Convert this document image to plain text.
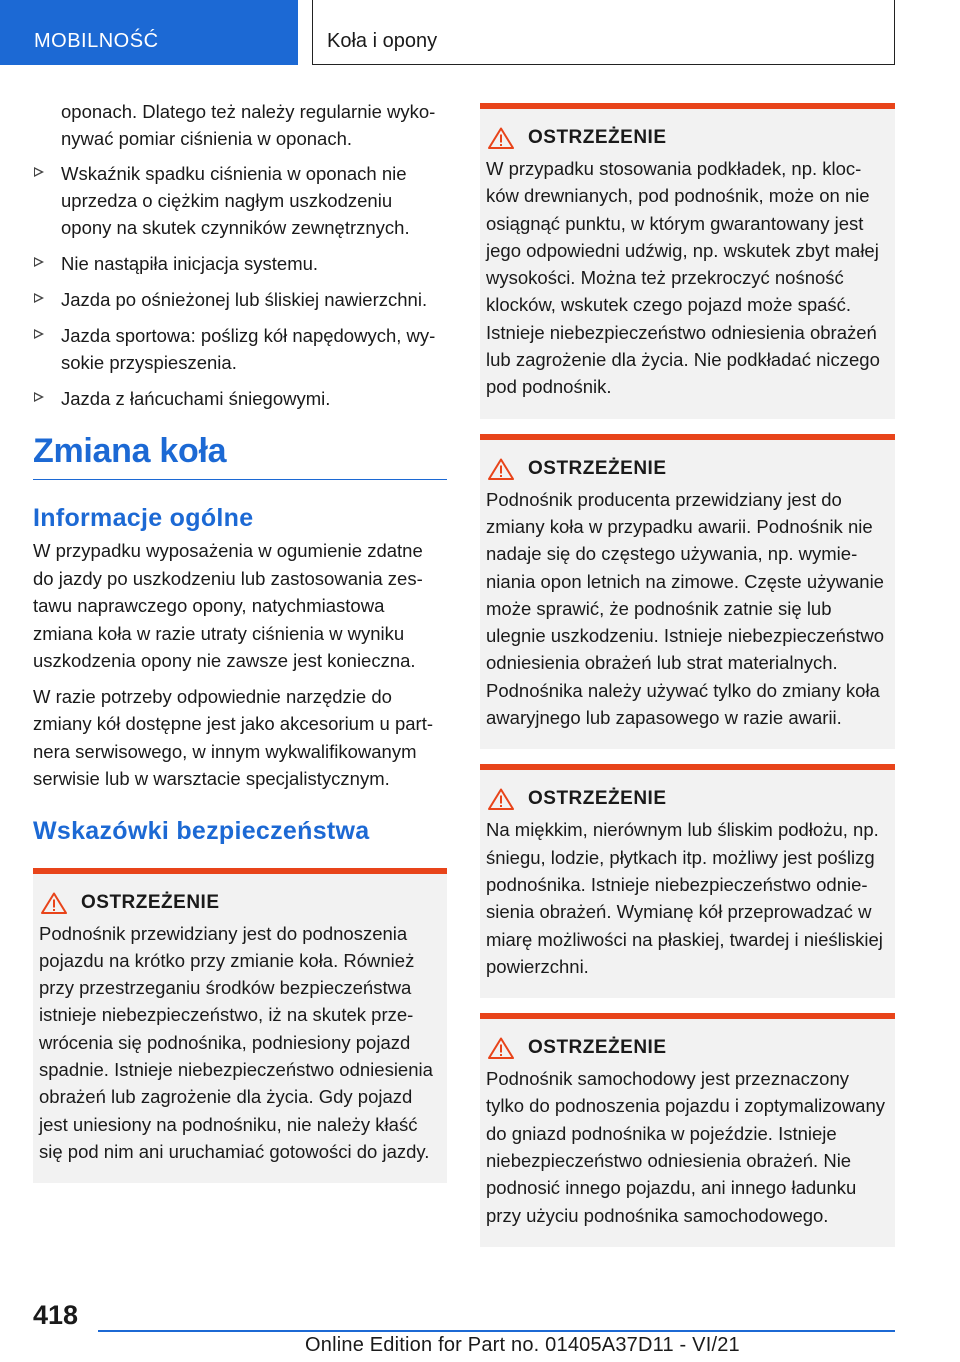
MOBILNOŚĆ	Koła i opony

oponach. Dlatego też należy regularnie wykonywać pomiar ciśnienia w oponach.

Wskaźnik spadku ciśnienia w oponach nie uprzedza o ciężkim nagłym uszkodzeniu opony na skutek czynników zewnętrznych.
Nie nastąpiła inicjacja systemu.
Jazda po ośnieżonej lub śliskiej nawierzchni.
Jazda sportowa: poślizg kół napędowych, wysokie przyspieszenia.
Jazda z łańcuchami śniegowymi.
Zmiana koła
Informacje ogólne

W przypadku wyposażenia w ogumienie zdatne do jazdy po uszkodzeniu lub zastosowania zestawu naprawczego opony, natychmiastowa zmiana koła w razie utraty ciśnienia w wyniku uszkodzenia opony nie zawsze jest konieczna.

W razie potrzeby odpowiednie narzędzie do zmiany kół dostępne jest jako akcesorium u partnera serwisowego, w innym wykwalifikowanym serwisie lub w warsztacie specjalistycznym.

Wskazówki bezpieczeństwa
OSTRZEŻENIE

Podnośnik przewidziany jest do podnoszenia pojazdu na krótko przy zmianie koła. Również przy przestrzeganiu środków bezpieczeństwa istnieje niebezpieczeństwo, iż na skutek przewrócenia się podnośnika, podniesiony pojazd spadnie. Istnieje niebezpieczeństwo odniesienia obrażeń lub zagrożenie dla życia. Gdy pojazd jest uniesiony na podnośniku, nie należy kłaść się pod nim ani uruchamiać gotowości do jazdy.

OSTRZEŻENIE

W przypadku stosowania podkładek, np. klocków drewnianych, pod podnośnik, może on nie osiągnąć punktu, w którym gwarantowany jest jego odpowiedni udźwig, np. wskutek zbyt małej wysokości. Można też przekroczyć nośność klocków, wskutek czego pojazd może spaść. Istnieje niebezpieczeństwo odniesienia obrażeń lub zagrożenie dla życia. Nie podkładać niczego pod podnośnik.

OSTRZEŻENIE

Podnośnik producenta przewidziany jest do zmiany koła w przypadku awarii. Podnośnik nie nadaje się do częstego używania, np. wymieniania opon letnich na zimowe. Częste używanie może sprawić, że podnośnik zatnie się lub ulegnie uszkodzeniu. Istnieje niebezpieczeństwo odniesienia obrażeń lub strat materialnych. Podnośnika należy używać tylko do zmiany koła awaryjnego lub zapasowego w razie awarii.

OSTRZEŻENIE

Na miękkim, nierównym lub śliskim podłożu, np. śniegu, lodzie, płytkach itp. możliwy jest poślizg podnośnika. Istnieje niebezpieczeństwo odniesienia obrażeń. Wymianę kół przeprowadzać w miarę możliwości na płaskiej, twardej i nieśliskiej powierzchni.

OSTRZEŻENIE

Podnośnik samochodowy jest przeznaczony tylko do podnoszenia pojazdu i zoptymalizowany do gniazd podnośnika w pojeździe. Istnieje niebezpieczeństwo odniesienia obrażeń. Nie podnosić innego pojazdu, ani innego ładunku przy użyciu podnośnika samochodowego.

418
Online Edition for Part no. 01405A37D11 - VI/21
